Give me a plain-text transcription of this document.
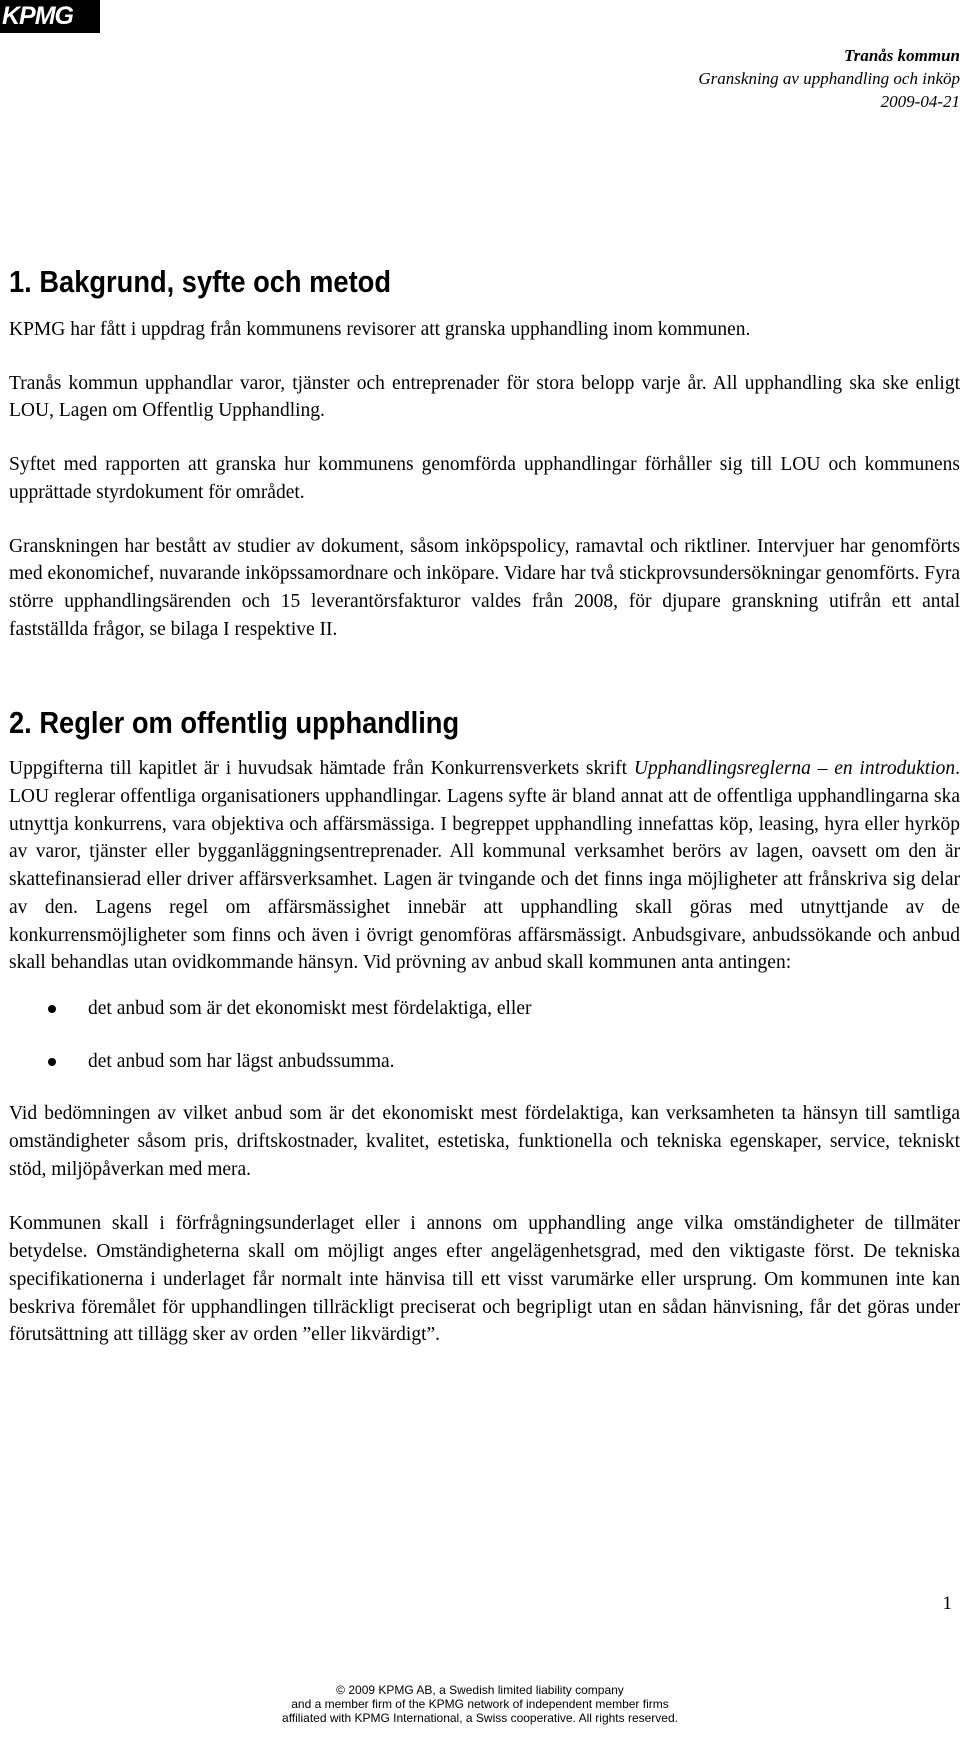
KPMG
Tranås kommun
Granskning av upphandling och inköp
2009-04-21
1. Bakgrund, syfte och metod

KPMG har fått i uppdrag från kommunens revisorer att granska upphandling inom kommunen.

Tranås kommun upphandlar varor, tjänster och entreprenader för stora belopp varje år. All upphandling ska ske enligt LOU, Lagen om Offentlig Upphandling.

Syftet med rapporten att granska hur kommunens genomförda upphandlingar förhåller sig till LOU och kommunens upprättade styrdokument för området.

Granskningen har bestått av studier av dokument, såsom inköpspolicy, ramavtal och riktliner. Intervjuer har genomförts med ekonomichef, nuvarande inköpssamordnare och inköpare. Vidare har två stickprovsundersökningar genomförts. Fyra större upphandlingsärenden och 15 leverantörsfakturor valdes från 2008, för djupare granskning utifrån ett antal fastställda frågor, se bilaga I respektive II.

2. Regler om offentlig upphandling

Uppgifterna till kapitlet är i huvudsak hämtade från Konkurrensverkets skrift Upphandlingsreglerna – en introduktion. LOU reglerar offentliga organisationers upphandlingar. Lagens syfte är bland annat att de offentliga upphandlingarna ska utnyttja konkurrens, vara objektiva och affärsmässiga. I begreppet upphandling innefattas köp, leasing, hyra eller hyrköp av varor, tjänster eller bygganläggningsentreprenader. All kommunal verksamhet berörs av lagen, oavsett om den är skattefinansierad eller driver affärsverksamhet. Lagen är tvingande och det finns inga möjligheter att frånskriva sig delar av den. Lagens regel om affärsmässighet innebär att upphandling skall göras med utnyttjande av de konkurrensmöjligheter som finns och även i övrigt genomföras affärsmässigt. Anbudsgivare, anbudssökande och anbud skall behandlas utan ovidkommande hänsyn. Vid prövning av anbud skall kommunen anta antingen:

det anbud som är det ekonomiskt mest fördelaktiga, eller
det anbud som har lägst anbudssumma.

Vid bedömningen av vilket anbud som är det ekonomiskt mest fördelaktiga, kan verksamheten ta hänsyn till samtliga omständigheter såsom pris, driftskostnader, kvalitet, estetiska, funktionella och tekniska egenskaper, service, tekniskt stöd, miljöpåverkan med mera.

Kommunen skall i förfrågningsunderlaget eller i annons om upphandling ange vilka omständigheter de tillmäter betydelse. Omständigheterna skall om möjligt anges efter angelägenhetsgrad, med den viktigaste först. De tekniska specifikationerna i underlaget får normalt inte hänvisa till ett visst varumärke eller ursprung. Om kommunen inte kan beskriva föremålet för upphandlingen tillräckligt preciserat och begripligt utan en sådan hänvisning, får det göras under förutsättning att tillägg sker av orden ”eller likvärdigt”.

1
© 2009 KPMG AB, a Swedish limited liability company
and a member firm of the KPMG network of independent member firms
affiliated with KPMG International, a Swiss cooperative. All rights reserved.
